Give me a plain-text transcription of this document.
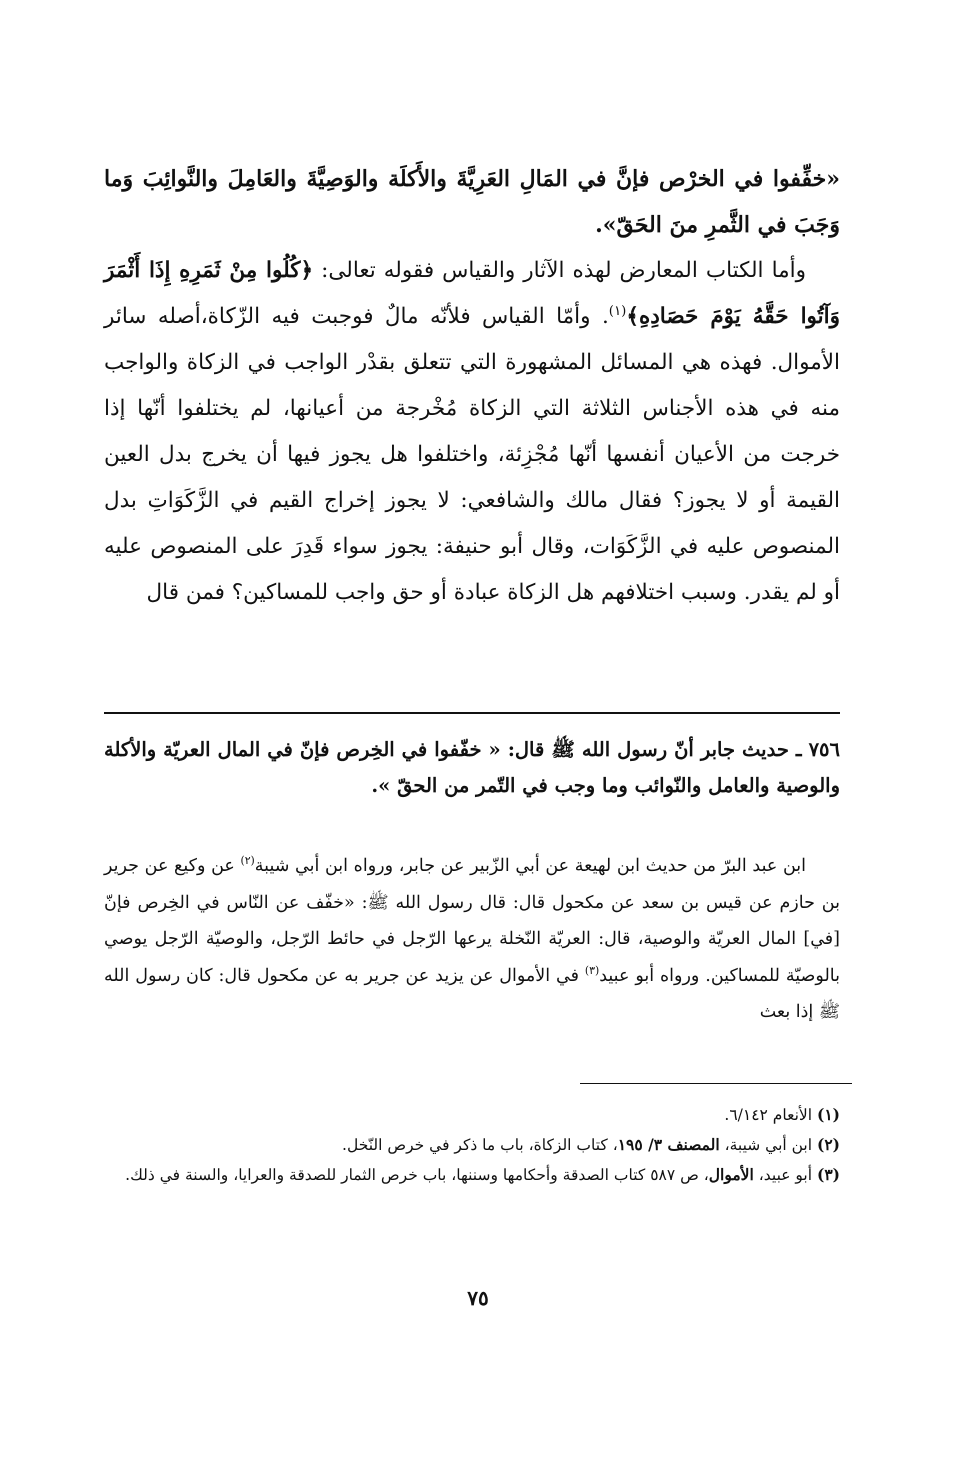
«خفِّفوا في الخرْص فإنَّ في المَالِ العَرِيَّةَ والأَكلَة والوَصِيَّةَ والعَامِلَ والنَّوائِبَ وَما وَجَبَ في الثَّمرِ منَ الحَقّ».

وأما الكتاب المعارض لهذه الآثار والقياس فقوله تعالى: ﴿كُلُوا مِنْ ثَمَرِهِ إِذَا أَثْمَرَ وَآتُوا حَقَّهُ يَوْمَ حَصَادِهِ﴾$^{(١)}$. وأمّا القياس فلأنّه مالٌ فوجبت فيه الزّكاة،أصله سائر الأموال. فهذه هي المسائل المشهورة التي تتعلق بقدْر الواجب في الزكاة والواجب منه في هذه الأجناس الثلاثة التي الزكاة مُخْرجة من أعيانها، لم يختلفوا أنّها إذا خرجت من الأعيان أنفسها أنّها مُجْزِئة، واختلفوا هل يجوز فيها أن يخرج بدل العين القيمة أو لا يجوز؟ فقال مالك والشافعي: لا يجوز إخراج القيم في الزَّكَوَاتِ بدل المنصوص عليه في الزَّكَوَات، وقال أبو حنيفة: يجوز سواء قَدِرَ على المنصوص عليه أو لم يقدر. وسبب اختلافهم هل الزكاة عبادة أو حق واجب للمساكين؟ فمن قال

٧٥٦ ـ حديث جابر أنّ رسول الله ﷺ قال: « خفّفوا في الخِرص فإنّ في المال العريّة والأكلة والوصية والعامل والنّوائب وما وجب في التّمر من الحقّ ».

ابن عبد البرّ من حديث ابن لهيعة عن أبي الزّبير عن جابر، ورواه ابن أبي شيبة$^{(٢)}$ عن وكيع عن جرير بن حازم عن قيس بن سعد عن مكحول قال: قال رسول الله ﷺ: «خفّف عن النّاس في الخِرص فإنّ [في] المال العريّة والوصية، قال: العريّة النّخلة يرعها الرّجل في حائط الرّجل، والوصيّة الرّجل يوصي بالوصيّة للمساكين. ورواه أبو عبيد$^{(٣)}$ في الأموال عن يزيد عن جرير به عن مكحول قال: كان رسول الله ﷺ إذا بعث

(١) الأنعام ٦/١٤٢.

(٢) ابن أبي شيبة، المصنف ٣/ ١٩٥، كتاب الزكاة، باب ما ذكر في خرص النّخل.

(٣) أبو عبيد، الأموال، ص ٥٨٧ كتاب الصدقة وأحكامها وسننها، باب خرص الثمار للصدقة والعرايا، والسنة في ذلك.

٧٥
